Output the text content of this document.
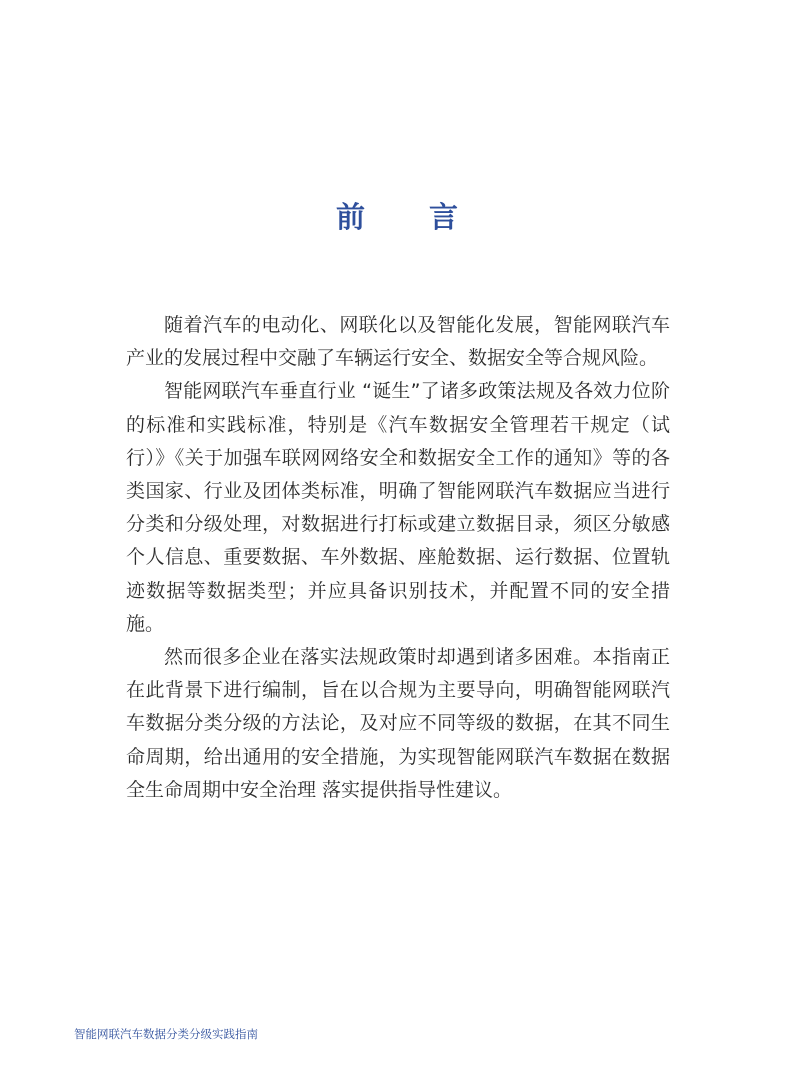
前 言

随着汽车的电动化、网联化以及智能化发展，智能网联汽车产业的发展过程中交融了车辆运行安全、数据安全等合规风险。

智能网联汽车垂直行业 “诞生”了诸多政策法规及各效力位阶的标准和实践标准，特别是《汽车数据安全管理若干规定（试行）》《关于加强车联网网络安全和数据安全工作的通知》等的各类国家、行业及团体类标准，明确了智能网联汽车数据应当进行分类和分级处理，对数据进行打标或建立数据目录，须区分敏感个人信息、重要数据、车外数据、座舱数据、运行数据、位置轨迹数据等数据类型；并应具备识别技术，并配置不同的安全措施。

然而很多企业在落实法规政策时却遇到诸多困难。本指南正在此背景下进行编制，旨在以合规为主要导向，明确智能网联汽车数据分类分级的方法论，及对应不同等级的数据，在其不同生命周期，给出通用的安全措施，为实现智能网联汽车数据在数据全生命周期中安全治理 落实提供指导性建议。

智能网联汽车数据分类分级实践指南
